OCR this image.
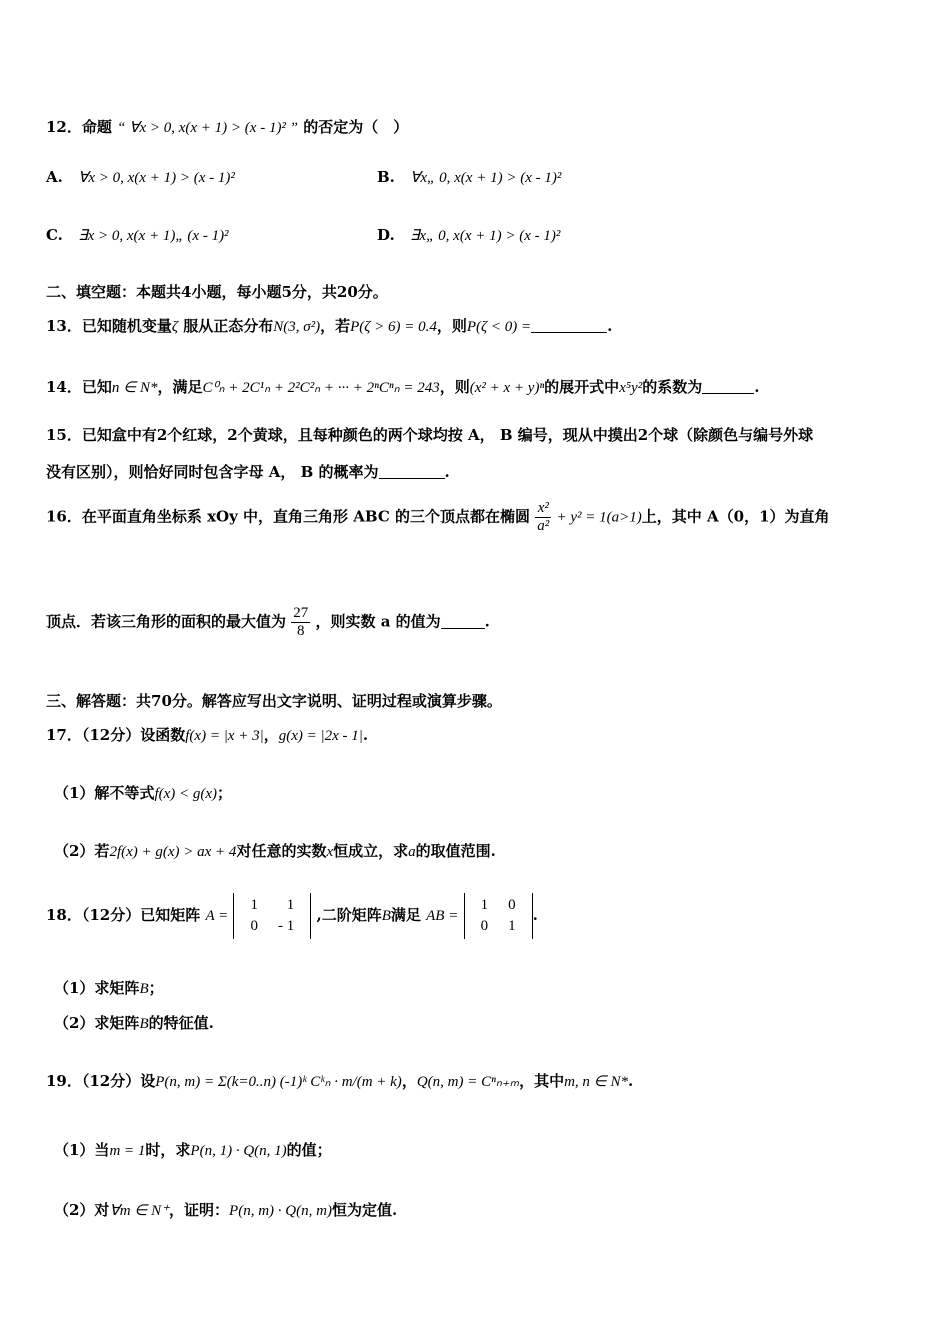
12．命题 “ ∀x > 0, x(x + 1) > (x - 1)² ” 的否定为（　）
A. ∀x > 0, x(x + 1) > (x - 1)²	B. ∀x„ 0, x(x + 1) > (x - 1)²
C. ∃x > 0, x(x + 1)„ (x - 1)²	D. ∃x„ 0, x(x + 1) > (x - 1)²
二、填空题：本题共4小题，每小题5分，共20分。
13．已知随机变量ζ 服从正态分布N(3, σ²)，若P(ζ > 6) = 0.4，则P(ζ < 0) =	.
14．已知n ∈ N*，满足C⁰ₙ + 2C¹ₙ + 2²C²ₙ + ··· + 2ⁿCⁿₙ = 243，则(x² + x + y)ⁿ的展开式中x⁵y²的系数为	.
15．已知盒中有2个红球，2个黄球，且每种颜色的两个球均按 A， B 编号，现从中摸出2个球（除颜色与编号外球
没有区别），则恰好同时包含字母 A， B 的概率为	.
16．在平面直角坐标系 xOy 中，直角三角形 ABC 的三个顶点都在椭圆 $\frac{\text{x²}}{\text{a²}} + y^2 = 1(a>1)$上，其中 A（0，1）为直角
顶点．若该三角形的面积的最大值为 $\frac{27}{8}$ ，则实数 a 的值为	.
三、解答题：共70分。解答应写出文字说明、证明过程或演算步骤。
17．（12分）设函数f(x) = |x + 3|，g(x) = |2x - 1|.
（1）解不等式f(x) < g(x)；
（2）若2f(x) + g(x) > ax + 4对任意的实数x恒成立，求a的取值范围.
18．（12分）已知矩阵 A =
1	1
0	- 1
,二阶矩阵B满足 AB =
1	0
0	1
.
（1）求矩阵B；
（2）求矩阵B的特征值.
19．（12分）设P(n, m) = Σ(k=0..n) (-1)ᵏ Cᵏₙ · m/(m + k)，Q(n, m) = Cⁿₙ₊ₘ，其中m, n ∈ N*.
（1）当m = 1时，求P(n, 1) · Q(n, 1)的值；
（2）对∀m ∈ N⁺，证明：P(n, m) · Q(n, m)恒为定值.
